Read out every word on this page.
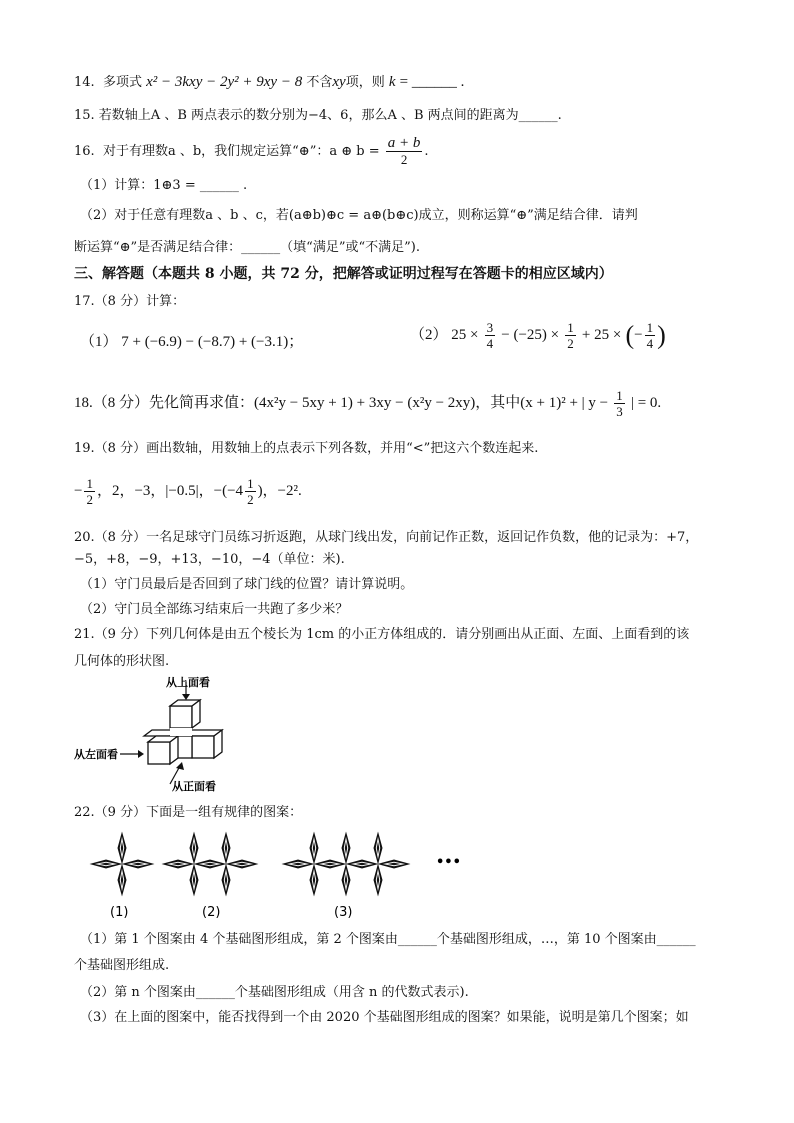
14. 多项式 x² − 3kxy − 2y² + 9xy − 8 不含xy项，则 k = ______ .
15. 若数轴上A 、B 两点表示的数分别为−4、6，那么A 、B 两点间的距离为______.
16. 对于有理数a 、b，我们规定运算“⊕”：a ⊕ $b = \frac{a + b}{2}$ .
（1）计算：1⊕3 = ______ .
（2）对于任意有理数a 、b 、c，若(a⊕b)⊕c = a⊕(b⊕c)成立，则称运算“⊕”满足结合律．请判
断运算“⊕”是否满足结合律：______（填“满足”或“不满足”).
三、解答题（本题共 8 小题，共 72 分，把解答或证明过程写在答题卡的相应区域内）
17.（8 分）计算：
（1） 7 + (−6.9) − (−8.7) + (−3.1)；	（2） $25 \times \frac{3}{4} - (-25) \times \frac{1}{2} + 25$ × (− $\frac{1}{4}$ )
18.（8 分）先化简再求值：(4x²y − 5xy + 1) + 3xy − (x²y − 2xy)，其中(x + 1)² + | $y - \frac{1}{3}$ | = 0.
19.（8 分）画出数轴，用数轴上的点表示下列各数，并用“<”把这六个数连起来.
− $\frac{1}{2}$ ，2，−3，|−0.5|，$-(-4 \frac{1}{2}$ )，−2².
20.（8 分）一名足球守门员练习折返跑，从球门线出发，向前记作正数，返回记作负数，他的记录为：+7，
−5，+8，−9，+13，−10，−4（单位：米).
（1）守门员最后是否回到了球门线的位置？请计算说明。
（2）守门员全部练习结束后一共跑了多少米？
21.（9 分）下列几何体是由五个棱长为 1cm 的小正方体组成的．请分别画出从正面、左面、上面看到的该
几何体的形状图.
从上面看
从左面看
从正面看
22.（9 分）下面是一组有规律的图案：
(1)	(2)	(3)
•••
（1）第 1 个图案由 4 个基础图形组成，第 2 个图案由______个基础图形组成，…，第 10 个图案由______
个基础图形组成.
（2）第 n 个图案由______个基础图形组成（用含 n 的代数式表示).
（3）在上面的图案中，能否找得到一个由 2020 个基础图形组成的图案？如果能，说明是第几个图案；如
